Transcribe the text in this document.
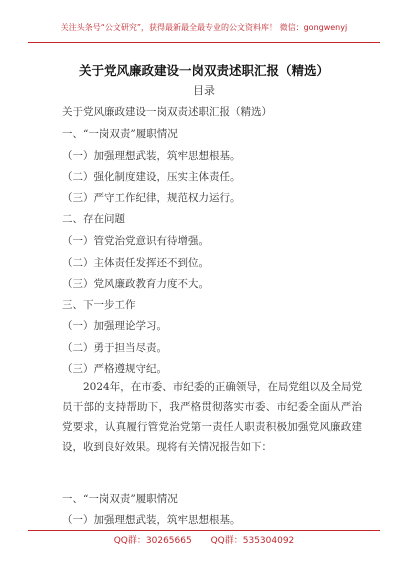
关注头条号“公文研究”，获得最新最全最专业的公文资料库！ 微信：gongwenyj
关于党风廉政建设一岗双责述职汇报（精选）
目录
关于党风廉政建设一岗双责述职汇报（精选）
一、“一岗双责”履职情况
（一）加强理想武装，筑牢思想根基。
（二）强化制度建设，压实主体责任。
（三）严守工作纪律，规范权力运行。
二、存在问题
（一）管党治党意识有待增强。
（二）主体责任发挥还不到位。
（三）党风廉政教育力度不大。
三、下一步工作
（一）加强理论学习。
（二）勇于担当尽责。
（三）严格遵规守纪。
2024年，在市委、市纪委的正确领导，在局党组以及全局党员干部的支持帮助下，我严格贯彻落实市委、市纪委全面从严治党要求，认真履行管党治党第一责任人职责积极加强党风廉政建设，收到良好效果。现将有关情况报告如下：
一、“一岗双责”履职情况
（一）加强理想武装，筑牢思想根基。
QQ群：30265665 QQ群：535304092
